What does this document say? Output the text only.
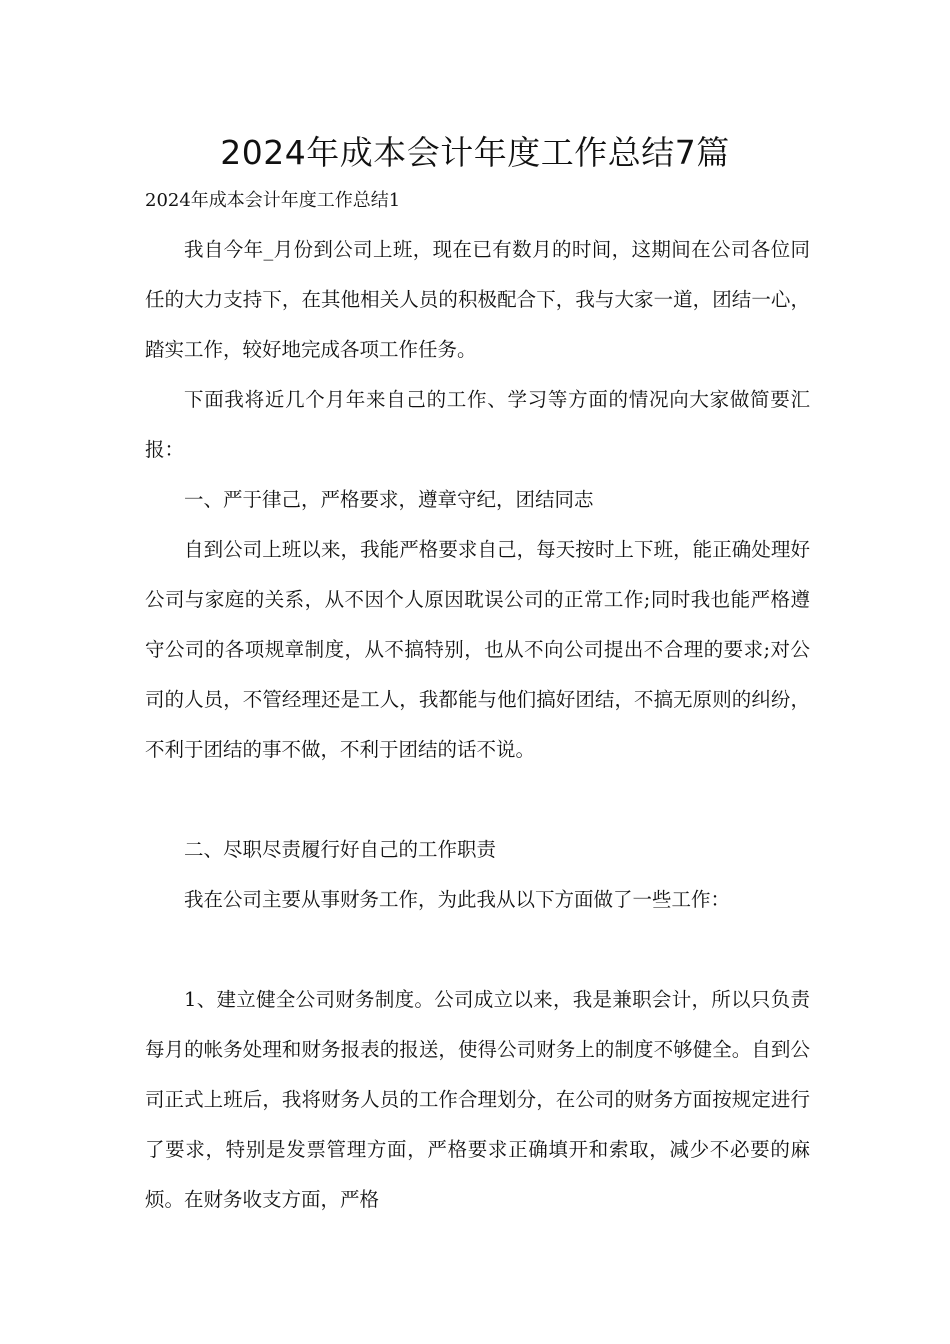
2024年成本会计年度工作总结7篇

2024年成本会计年度工作总结1

我自今年_月份到公司上班，现在已有数月的时间，这期间在公司各位同任的大力支持下，在其他相关人员的积极配合下，我与大家一道，团结一心，踏实工作，较好地完成各项工作任务。

下面我将近几个月年来自己的工作、学习等方面的情况向大家做简要汇报：

一、严于律己，严格要求，遵章守纪，团结同志

自到公司上班以来，我能严格要求自己，每天按时上下班，能正确处理好公司与家庭的关系，从不因个人原因耽误公司的正常工作;同时我也能严格遵守公司的各项规章制度，从不搞特别，也从不向公司提出不合理的要求;对公司的人员，不管经理还是工人，我都能与他们搞好团结，不搞无原则的纠纷，不利于团结的事不做，不利于团结的话不说。

二、尽职尽责履行好自己的工作职责

我在公司主要从事财务工作，为此我从以下方面做了一些工作：

1、建立健全公司财务制度。公司成立以来，我是兼职会计，所以只负责每月的帐务处理和财务报表的报送，使得公司财务上的制度不够健全。自到公司正式上班后，我将财务人员的工作合理划分，在公司的财务方面按规定进行了要求，特别是发票管理方面，严格要求正确填开和索取，减少不必要的麻烦。在财务收支方面，严格
